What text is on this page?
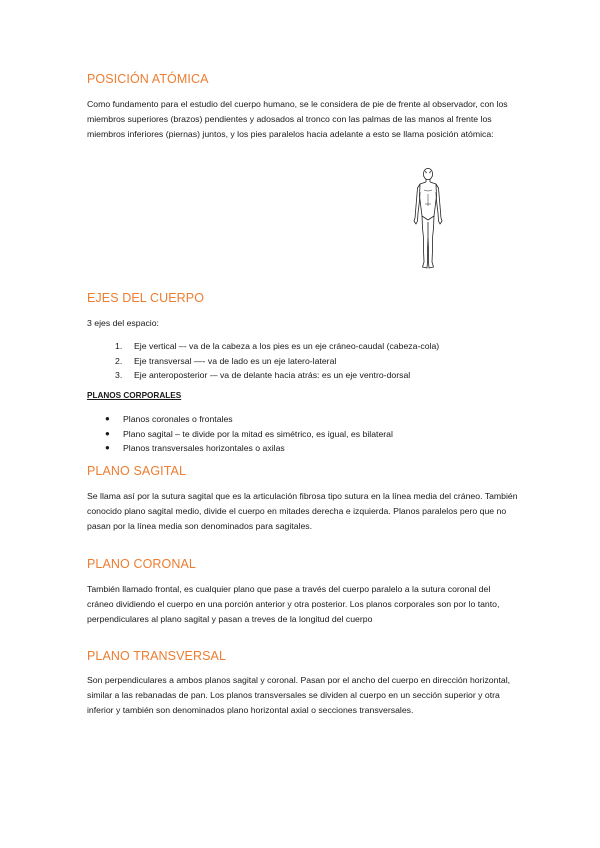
POSICIÓN ATÓMICA

Como fundamento para el estudio del cuerpo humano, se le considera de pie de frente al observador, con los miembros superiores (brazos) pendientes y adosados al tronco con las palmas de las manos al frente los miembros inferiores (piernas) juntos, y los pies paralelos hacia adelante a esto se llama posición atómica:

EJES DEL CUERPO

3 ejes del espacio:

1. Eje vertical –- va de la cabeza a los pies es un eje cráneo-caudal (cabeza-cola)
2. Eje transversal —- va de lado es un eje latero-lateral
3. Eje anteroposterior -– va de delante hacia atrás: es un eje ventro-dorsal
PLANOS CORPORALES
● Planos coronales o frontales
● Plano sagital – te divide por la mitad es simétrico, es igual, es bilateral
● Planos transversales horizontales o axilas
PLANO SAGITAL

Se llama así por la sutura sagital que es la articulación fibrosa tipo sutura en la línea media del cráneo. También conocido plano sagital medio, divide el cuerpo en mitades derecha e izquierda. Planos paralelos pero que no pasan por la línea media son denominados para sagitales.

PLANO CORONAL

También llamado frontal, es cualquier plano que pase a través del cuerpo paralelo a la sutura coronal del cráneo dividiendo el cuerpo en una porción anterior y otra posterior. Los planos corporales son por lo tanto, perpendiculares al plano sagital y pasan a treves de la longitud del cuerpo

PLANO TRANSVERSAL

Son perpendiculares a ambos planos sagital y coronal. Pasan por el ancho del cuerpo en dirección horizontal, similar a las rebanadas de pan. Los planos transversales se dividen al cuerpo en un sección superior y otra inferior y también son denominados plano horizontal axial o secciones transversales.
